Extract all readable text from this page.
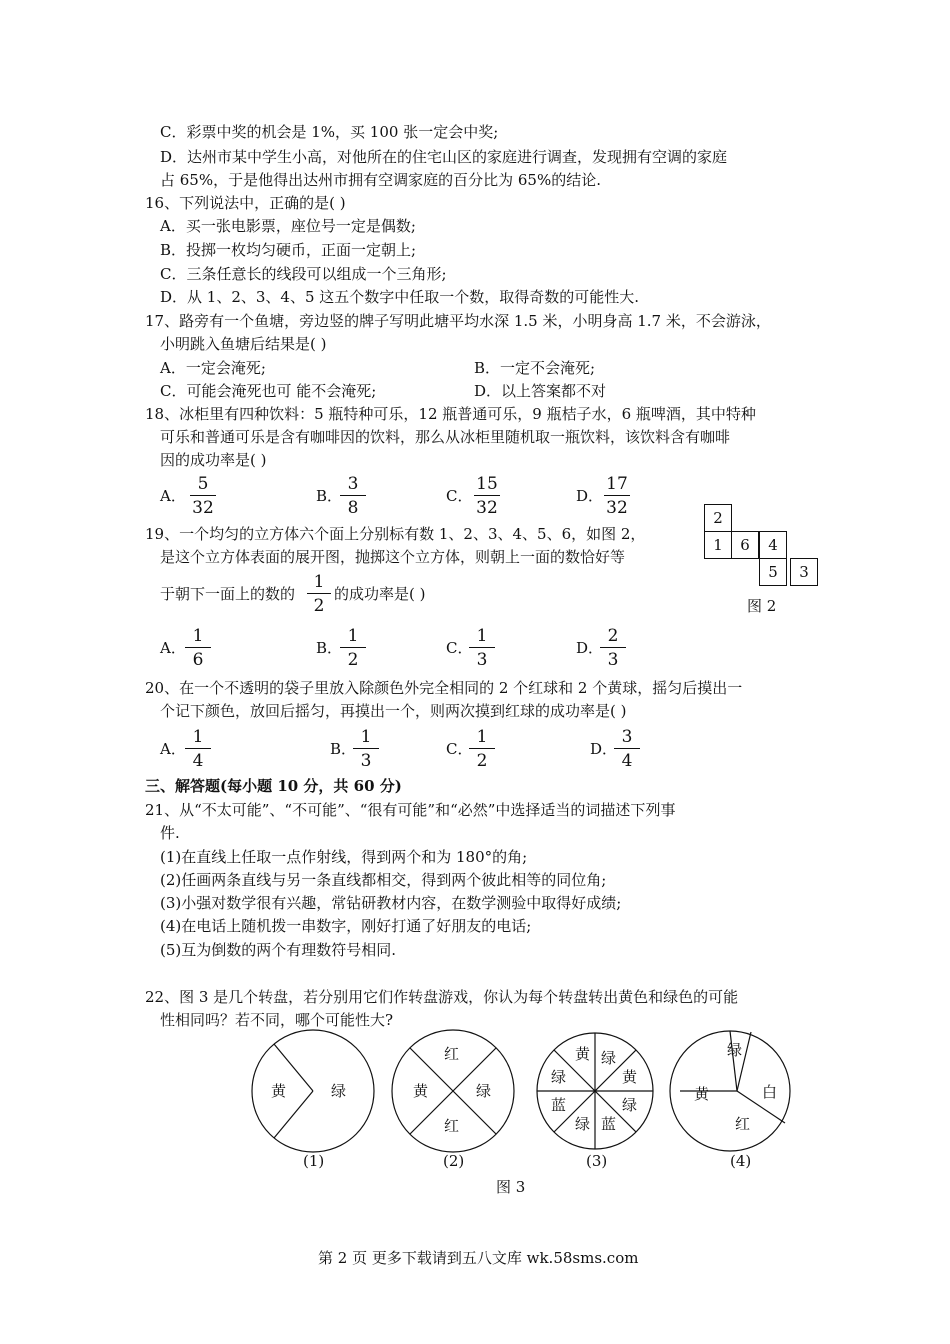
C．彩票中奖的机会是 1%，买 100 张一定会中奖;
D．达州市某中学生小高，对他所在的住宅山区的家庭进行调查，发现拥有空调的家庭
占 65%，于是他得出达州市拥有空调家庭的百分比为 65%的结论.
16、下列说法中，正确的是( )
A．买一张电影票，座位号一定是偶数;
B．投掷一枚均匀硬币，正面一定朝上;
C．三条任意长的线段可以组成一个三角形;
D．从 1、2、3、4、5 这五个数字中任取一个数，取得奇数的可能性大.
17、路旁有一个鱼塘，旁边竖的牌子写明此塘平均水深 1.5 米，小明身高 1.7 米，不会游泳，
小明跳入鱼塘后结果是( )
A．一定会淹死;	B．一定不会淹死;
C．可能会淹死也可 能不会淹死;	D．以上答案都不对
18、冰柜里有四种饮料：5 瓶特种可乐，12 瓶普通可乐，9 瓶桔子水，6 瓶啤酒，其中特种
可乐和普通可乐是含有咖啡因的饮料，那么从冰柜里随机取一瓶饮料，该饮料含有咖啡
因的成功率是( )
A．
5
32
B．
3
8
C．
15
32
D．
17
32
19、一个均匀的立方体六个面上分别标有数 1、2、3、4、5、6，如图 2，
是这个立方体表面的展开图，抛掷这个立方体，则朝上一面的数恰好等
于朝下一面上的数的
1
2
的成功率是( )
2
1	6	4
5	3
图 2
A．
1
6
B．
1
2
C．
1
3
D．
2
3
20、在一个不透明的袋子里放入除颜色外完全相同的 2 个红球和 2 个黄球，摇匀后摸出一
个记下颜色，放回后摇匀，再摸出一个，则两次摸到红球的成功率是( )
A．
1
4
B．
1
3
C．
1
2
D．
3
4
三、解答题(每小题 10 分，共 60 分)
21、从“不太可能”、“不可能”、“很有可能”和“必然”中选择适当的词描述下列事
件.
(1)在直线上任取一点作射线，得到两个和为 180°的角;
(2)任画两条直线与另一条直线都相交，得到两个彼此相等的同位角;
(3)小强对数学很有兴趣，常钻研教材内容，在数学测验中取得好成绩;
(4)在电话上随机拨一串数字，刚好打通了好朋友的电话;
(5)互为倒数的两个有理数符号相同.
22、图 3 是几个转盘，若分别用它们作转盘游戏，你认为每个转盘转出黄色和绿色的可能
性相同吗？若不同，哪个可能性大?
黄	绿
红
黄	绿
红
黄 绿
绿	黄
蓝	绿
绿 蓝
绿
黄	白
红
(1)	(2)	(3)	(4)
图 3
第 2 页 更多下载请到五八文库 wk.58sms.com
